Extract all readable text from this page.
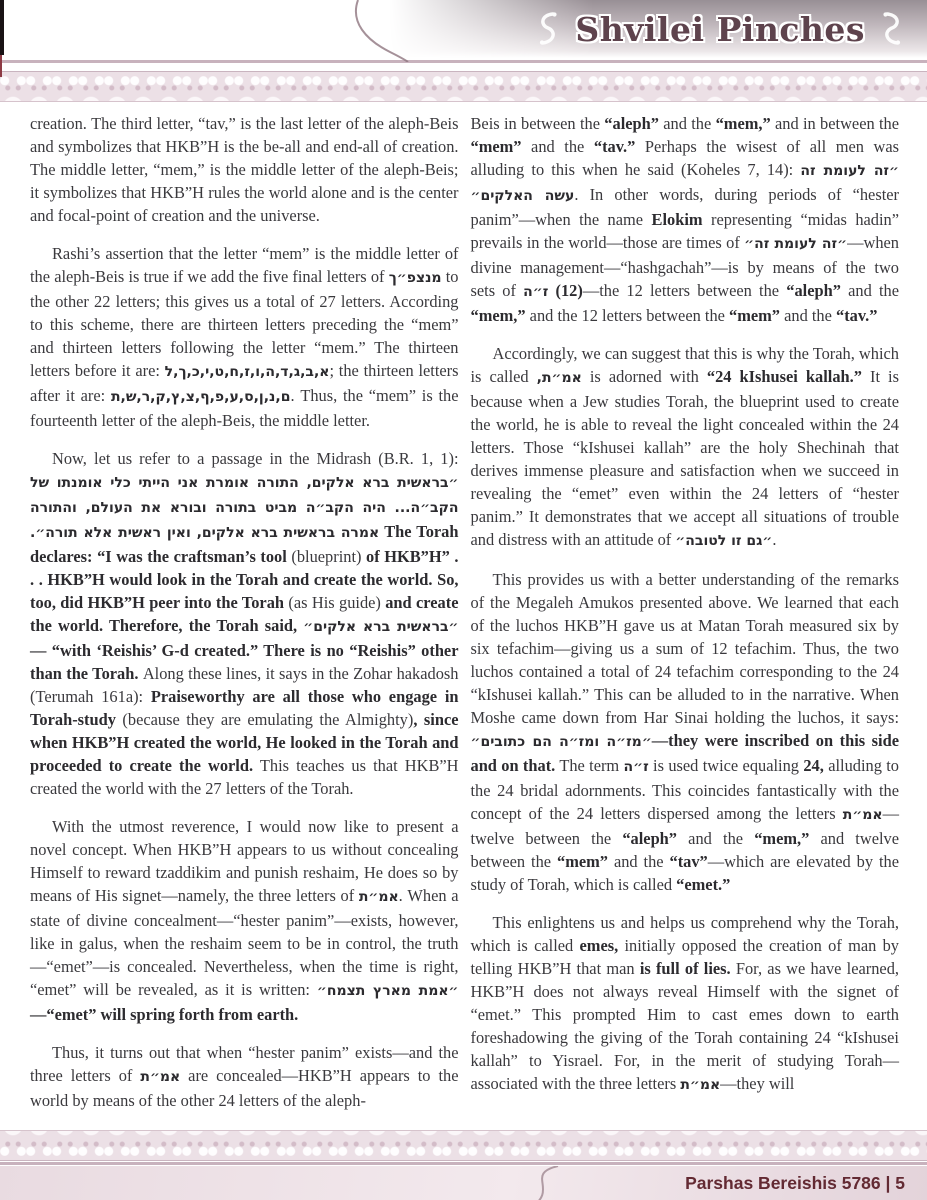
Shvilei Pinches

creation. The third letter, “tav,” is the last letter of the aleph-Beis and symbolizes that HKB”H is the be-all and end-all of creation. The middle letter, “mem,” is the middle letter of the aleph-Beis; it symbolizes that HKB”H rules the world alone and is the center and focal-point of creation and the universe.

Rashi’s assertion that the letter “mem” is the middle letter of the aleph-Beis is true if we add the five final letters of מנצפ״ך to the other 22 letters; this gives us a total of 27 letters. According to this scheme, there are thirteen letters preceding the “mem” and thirteen letters following the letter “mem.” The thirteen letters before it are: א,ב,ג,ד,ה,ו,ז,ח,ט,י,כ,ך,ל; the thirteen letters after it are: ם,נ,ן,ס,ע,פ,ף,צ,ץ,ק,ר,ש,ת. Thus, the “mem” is the fourteenth letter of the aleph-Beis, the middle letter.

Now, let us refer to a passage in the Midrash (B.R. 1, 1): ״בראשית ברא אלקים, התורה אומרת אני הייתי כלי אומנתו של הקב״ה... היה הקב״ה מביט בתורה ובורא את העולם, והתורה אמרה בראשית ברא אלקים, ואין ראשית אלא תורה״. The Torah declares: “I was the craftsman’s tool (blueprint) of HKB”H” . . . HKB”H would look in the Torah and create the world. So, too, did HKB”H peer into the Torah (as His guide) and create the world. Therefore, the Torah said, ״בראשית ברא אלקים״ — “with ‘Reishis’ G-d created.” There is no “Reishis” other than the Torah. Along these lines, it says in the Zohar hakadosh (Terumah 161a): Praiseworthy are all those who engage in Torah-study (because they are emulating the Almighty), since when HKB”H created the world, He looked in the Torah and proceeded to create the world. This teaches us that HKB”H created the world with the 27 letters of the Torah.

With the utmost reverence, I would now like to present a novel concept. When HKB”H appears to us without concealing Himself to reward tzaddikim and punish reshaim, He does so by means of His signet—namely, the three letters of אמ״ת. When a state of divine concealment—“hester panim”—exists, however, like in galus, when the reshaim seem to be in control, the truth—“emet”—is concealed. Nevertheless, when the time is right, “emet” will be revealed, as it is written: ״אמת מארץ תצמח״—“emet” will spring forth from earth.

Thus, it turns out that when “hester panim” exists—and the three letters of אמ״ת are concealed—HKB”H appears to the world by means of the other 24 letters of the aleph-

Beis in between the “aleph” and the “mem,” and in between the “mem” and the “tav.” Perhaps the wisest of all men was alluding to this when he said (Koheles 7, 14): ״זה לעומת זה עשה האלקים״. In other words, during periods of “hester panim”—when the name Elokim representing “midas hadin” prevails in the world—those are times of ״זה לעומת זה״—when divine management—“hashgachah”—is by means of the two sets of ז״ה (12)—the 12 letters between the “aleph” and the “mem,” and the 12 letters between the “mem” and the “tav.”

Accordingly, we can suggest that this is why the Torah, which is called אמ״ת, is adorned with “24 kIshusei kallah.” It is because when a Jew studies Torah, the blueprint used to create the world, he is able to reveal the light concealed within the 24 letters. Those “kIshusei kallah” are the holy Shechinah that derives immense pleasure and satisfaction when we succeed in revealing the “emet” even within the 24 letters of “hester panim.” It demonstrates that we accept all situations of trouble and distress with an attitude of ״גם זו לטובה״.

This provides us with a better understanding of the remarks of the Megaleh Amukos presented above. We learned that each of the luchos HKB”H gave us at Matan Torah measured six by six tefachim—giving us a sum of 12 tefachim. Thus, the two luchos contained a total of 24 tefachim corresponding to the 24 “kIshusei kallah.” This can be alluded to in the narrative. When Moshe came down from Har Sinai holding the luchos, it says: ״מז״ה ומז״ה הם כתובים״—they were inscribed on this side and on that. The term ז״ה is used twice equaling 24, alluding to the 24 bridal adornments. This coincides fantastically with the concept of the 24 letters dispersed among the letters אמ״ת—twelve between the “aleph” and the “mem,” and twelve between the “mem” and the “tav”—which are elevated by the study of Torah, which is called “emet.”

This enlightens us and helps us comprehend why the Torah, which is called emes, initially opposed the creation of man by telling HKB”H that man is full of lies. For, as we have learned, HKB”H does not always reveal Himself with the signet of “emet.” This prompted Him to cast emes down to earth foreshadowing the giving of the Torah containing 24 “kIshusei kallah” to Yisrael. For, in the merit of studying Torah—associated with the three letters אמ״ת—they will

Parshas Bereishis 5786 | 5
